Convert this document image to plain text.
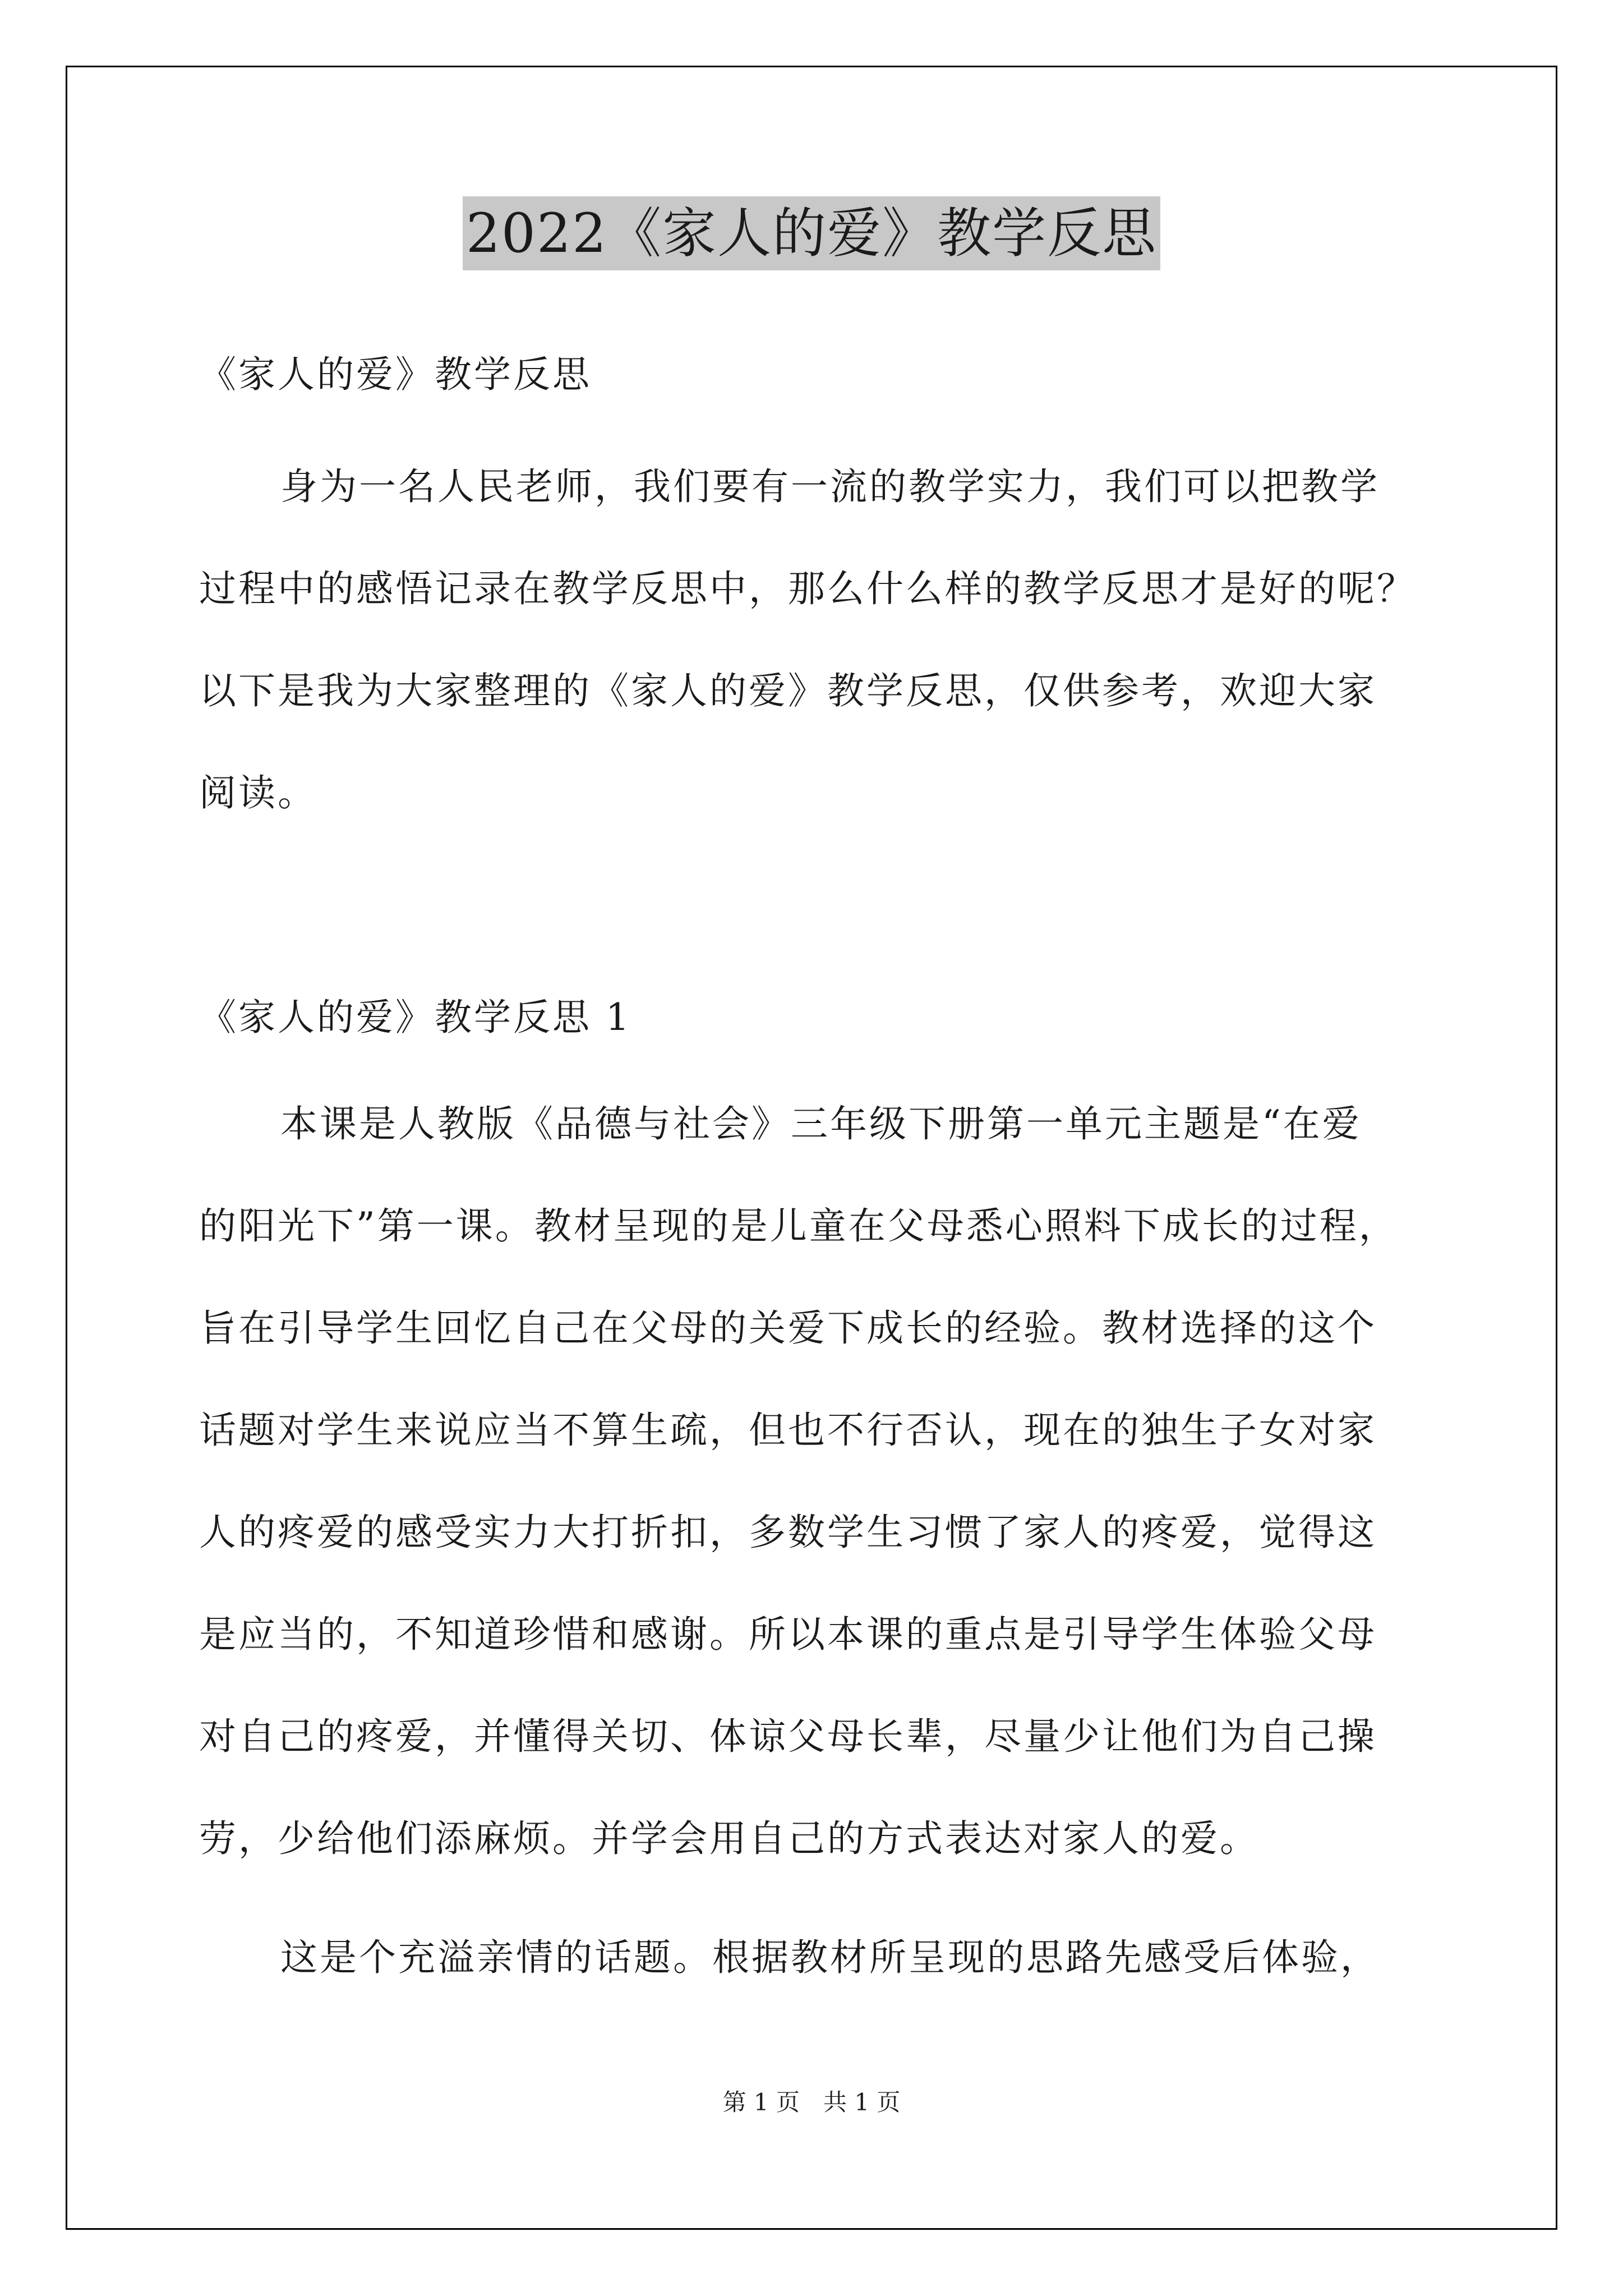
2022《家人的爱》教学反思
《家人的爱》教学反思
身为一名人民老师，我们要有一流的教学实力，我们可以把教学
过程中的感悟记录在教学反思中，那么什么样的教学反思才是好的呢？
以下是我为大家整理的《家人的爱》教学反思，仅供参考，欢迎大家
阅读。
《家人的爱》教学反思 1
本课是人教版《品德与社会》三年级下册第一单元主题是“在爱
的阳光下”第一课。教材呈现的是儿童在父母悉心照料下成长的过程，
旨在引导学生回忆自己在父母的关爱下成长的经验。教材选择的这个
话题对学生来说应当不算生疏，但也不行否认，现在的独生子女对家
人的疼爱的感受实力大打折扣，多数学生习惯了家人的疼爱，觉得这
是应当的，不知道珍惜和感谢。所以本课的重点是引导学生体验父母
对自己的疼爱，并懂得关切、体谅父母长辈，尽量少让他们为自己操
劳，少给他们添麻烦。并学会用自己的方式表达对家人的爱。
这是个充溢亲情的话题。根据教材所呈现的思路先感受后体验，
第 1 页　共 1 页
